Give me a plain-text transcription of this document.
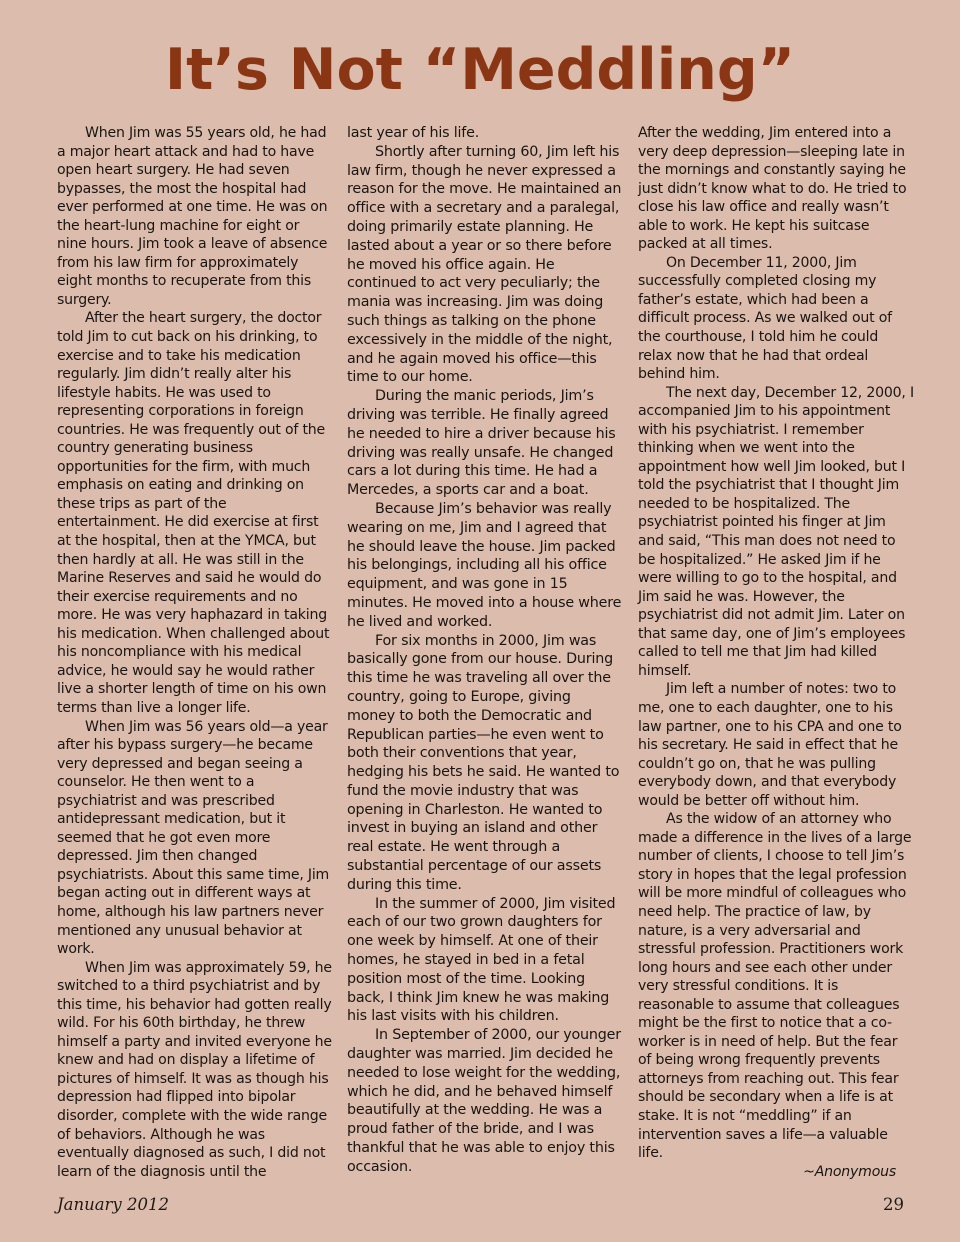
It’s Not “Meddling”

When Jim was 55 years old, he had a major heart attack and had to have open heart surgery. He had seven bypasses, the most the hospital had ever performed at one time. He was on the heart-lung machine for eight or nine hours. Jim took a leave of absence from his law firm for approximately eight months to recuperate from this surgery.

After the heart surgery, the doctor told Jim to cut back on his drinking, to exercise and to take his medication regularly. Jim didn’t really alter his lifestyle habits. He was used to representing corporations in foreign countries. He was frequently out of the country generating business opportunities for the firm, with much emphasis on eating and drinking on these trips as part of the entertainment. He did exercise at first at the hospital, then at the YMCA, but then hardly at all. He was still in the Marine Reserves and said he would do their exercise requirements and no more. He was very haphazard in taking his medication. When challenged about his noncompliance with his medical advice, he would say he would rather live a shorter length of time on his own terms than live a longer life.

When Jim was 56 years old—a year after his bypass surgery—he became very depressed and began seeing a counselor. He then went to a psychiatrist and was prescribed antidepressant medication, but it seemed that he got even more depressed. Jim then changed psychiatrists. About this same time, Jim began acting out in different ways at home, although his law partners never mentioned any unusual behavior at work.

When Jim was approximately 59, he switched to a third psychiatrist and by this time, his behavior had gotten really wild. For his 60th birthday, he threw himself a party and invited everyone he knew and had on display a lifetime of pictures of himself. It was as though his depression had flipped into bipolar disorder, complete with the wide range of behaviors. Although he was eventually diagnosed as such, I did not learn of the diagnosis until the

last year of his life.

Shortly after turning 60, Jim left his law firm, though he never expressed a reason for the move. He maintained an office with a secretary and a paralegal, doing primarily estate planning. He lasted about a year or so there before he moved his office again. He continued to act very peculiarly; the mania was increasing. Jim was doing such things as talking on the phone excessively in the middle of the night, and he again moved his office—this time to our home.

During the manic periods, Jim’s driving was terrible. He finally agreed he needed to hire a driver because his driving was really unsafe. He changed cars a lot during this time. He had a Mercedes, a sports car and a boat.

Because Jim’s behavior was really wearing on me, Jim and I agreed that he should leave the house. Jim packed his belongings, including all his office equipment, and was gone in 15 minutes. He moved into a house where he lived and worked.

For six months in 2000, Jim was basically gone from our house. During this time he was traveling all over the country, going to Europe, giving money to both the Democratic and Republican parties—he even went to both their conventions that year, hedging his bets he said. He wanted to fund the movie industry that was opening in Charleston. He wanted to invest in buying an island and other real estate. He went through a substantial percentage of our assets during this time.

In the summer of 2000, Jim visited each of our two grown daughters for one week by himself. At one of their homes, he stayed in bed in a fetal position most of the time. Looking back, I think Jim knew he was making his last visits with his children.

In September of 2000, our younger daughter was married. Jim decided he needed to lose weight for the wedding, which he did, and he behaved himself beautifully at the wedding. He was a proud father of the bride, and I was thankful that he was able to enjoy this occasion.

After the wedding, Jim entered into a very deep depression—sleeping late in the mornings and constantly saying he just didn’t know what to do. He tried to close his law office and really wasn’t able to work. He kept his suitcase packed at all times.

On December 11, 2000, Jim successfully completed closing my father’s estate, which had been a difficult process. As we walked out of the courthouse, I told him he could relax now that he had that ordeal behind him.

The next day, December 12, 2000, I accompanied Jim to his appointment with his psychiatrist. I remember thinking when we went into the appointment how well Jim looked, but I told the psychiatrist that I thought Jim needed to be hospitalized. The psychiatrist pointed his finger at Jim and said, “This man does not need to be hospitalized.” He asked Jim if he were willing to go to the hospital, and Jim said he was. However, the psychiatrist did not admit Jim. Later on that same day, one of Jim’s employees called to tell me that Jim had killed himself.

Jim left a number of notes: two to me, one to each daughter, one to his law partner, one to his CPA and one to his secretary. He said in effect that he couldn’t go on, that he was pulling everybody down, and that everybody would be better off without him.

As the widow of an attorney who made a difference in the lives of a large number of clients, I choose to tell Jim’s story in hopes that the legal profession will be more mindful of colleagues who need help. The practice of law, by nature, is a very adversarial and stressful profession. Practitioners work long hours and see each other under very stressful conditions. It is reasonable to assume that colleagues might be the first to notice that a co-worker is in need of help. But the fear of being wrong frequently prevents attorneys from reaching out. This fear should be secondary when a life is at stake. It is not “meddling” if an intervention saves a life—a valuable life.

~Anonymous

January 2012	29
